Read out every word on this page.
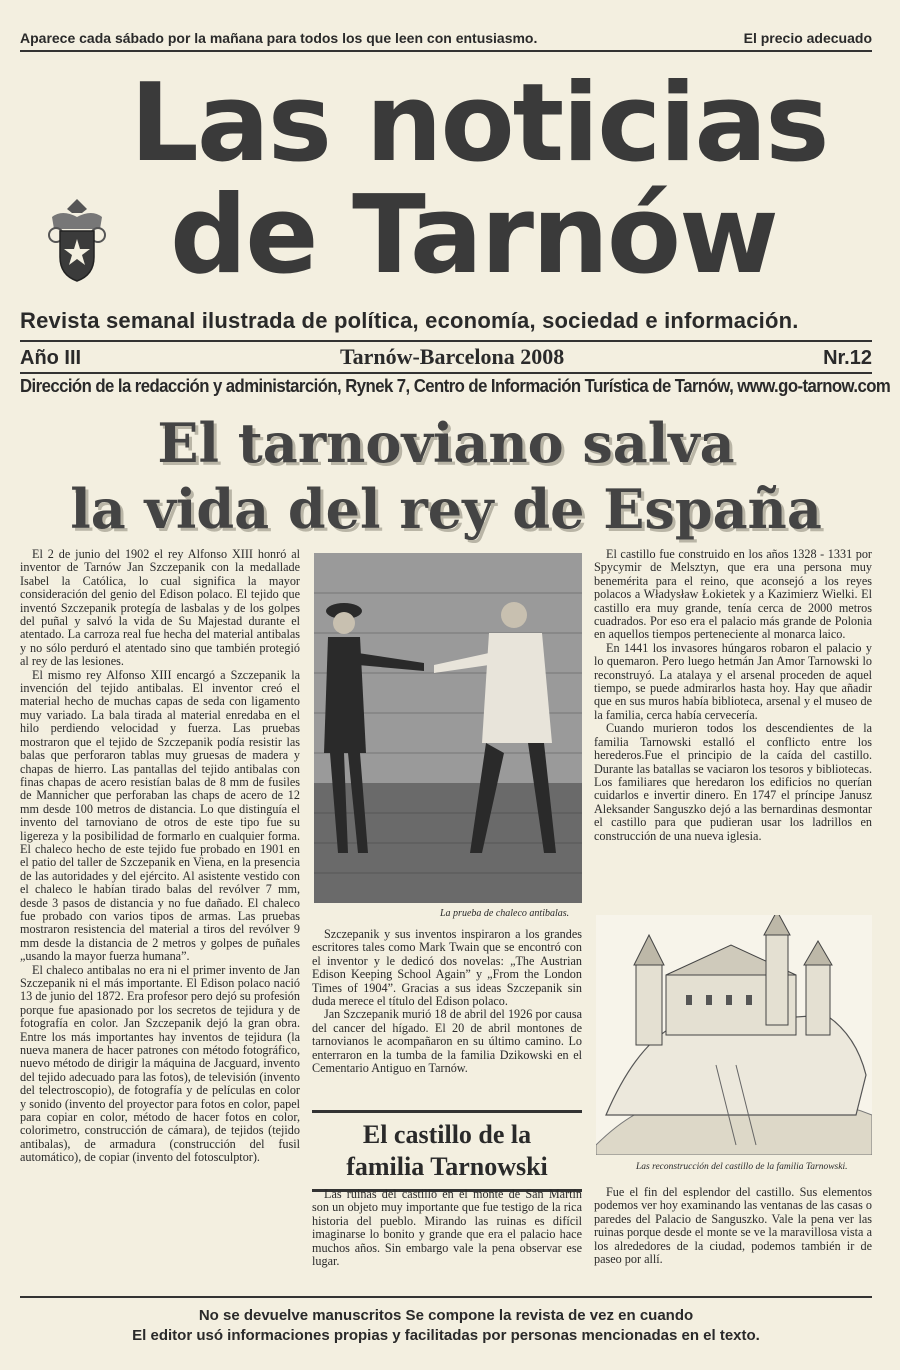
Aparece cada sábado por la mañana para todos los que leen con entusiasmo.	El precio adecuado
Las noticias
de Tarnów
Revista semanal ilustrada de política, economía, sociedad e información.
Año III	Tarnów-Barcelona 2008	Nr.12
Dirección de la redacción y administarción, Rynek 7, Centro de Información Turística de Tarnów, www.go-tarnow.com
El tarnoviano salva
la vida del rey de España

El 2 de junio del 1902 el rey Alfonso XIII honró al inventor de Tarnów Jan Szczepanik con la medallade Isabel la Católica, lo cual significa la mayor consideración del genio del Edison polaco. El tejido que inventó Szczepanik protegía de lasbalas y de los golpes del puñal y salvó la vida de Su Majestad durante el atentado. La carroza real fue hecha del material antibalas y no sólo perduró el atentado sino que también protegió al rey de las lesiones.

El mismo rey Alfonso XIII encargó a Szczepanik la invención del tejido antibalas. El inventor creó el material hecho de muchas capas de seda con ligamento muy variado. La bala tirada al material enredaba en el hilo perdiendo velocidad y fuerza. Las pruebas mostraron que el tejido de Szczepanik podía resistir las balas que perforaron tablas muy gruesas de madera y chapas de hierro. Las pantallas del tejido antibalas con finas chapas de acero resistían balas de 8 mm de fusiles de Mannicher que perforaban las chaps de acero de 12 mm desde 100 metros de distancia. Lo que distinguía el invento del tarnoviano de otros de este tipo fue su ligereza y la posibilidad de formarlo en cualquier forma. El chaleco hecho de este tejido fue probado en 1901 en el patio del taller de Szczepanik en Viena, en la presencia de las autoridades y del ejército. Al asistente vestido con el chaleco le habían tirado balas del revólver 7 mm, desde 3 pasos de distancia y no fue dañado. El chaleco fue probado con varios tipos de armas. Las pruebas mostraron resistencia del material a tiros del revólver 9 mm desde la distancia de 2 metros y golpes de puñales „usando la mayor fuerza humana”.

El chaleco antibalas no era ni el primer invento de Jan Szczepanik ni el más importante. El Edison polaco nació 13 de junio del 1872. Era profesor pero dejó su profesión porque fue apasionado por los secretos de tejidura y de fotografía en color. Jan Szczepanik dejó la gran obra. Entre los más importantes hay inventos de tejidura (la nueva manera de hacer patrones con método fotográfico, nuevo método de dirigir la máquina de Jacguard, invento del tejido adecuado para las fotos), de televisión (invento del telectroscopio), de fotografía y de películas en color y sonido (invento del proyector para fotos en color, papel para copiar en color, método de hacer fotos en color, colorimetro, construcción de cámara), de tejidos (tejido antibalas), de armadura (construcción del fusil automático), de copiar (invento del fotosculptor).

La prueba de chaleco antibalas.

Szczepanik y sus inventos inspiraron a los grandes escritores tales como Mark Twain que se encontró con el inventor y le dedicó dos novelas: „The Austrian Edison Keeping School Again” y „From the London Times of 1904”. Gracias a sus ideas Szczepanik sin duda merece el título del Edison polaco.

Jan Szczepanik murió 18 de abril del 1926 por causa del cancer del hígado. El 20 de abril montones de tarnovianos le acompañaron en su último camino. Lo enterraron en la tumba de la familia Dzikowski en el Cementario Antiguo en Tarnów.

El castillo de la
familia Tarnowski

Las ruinas del castillo en el monte de San Martín son un objeto muy importante que fue testigo de la rica historia del pueblo. Mirando las ruinas es difícil imaginarse lo bonito y grande que era el palacio hace muchos años. Sin embargo vale la pena observar ese lugar.

El castillo fue construido en los años 1328 - 1331 por Spycymir de Melsztyn, que era una persona muy benemérita para el reino, que aconsejó a los reyes polacos a Władysław Łokietek y a Kazimierz Wielki. El castillo era muy grande, tenía cerca de 2000 metros cuadrados. Por eso era el palacio más grande de Polonia en aquellos tiempos perteneciente al monarca laico.

En 1441 los invasores húngaros robaron el palacio y lo quemaron. Pero luego hetmán Jan Amor Tarnowski lo reconstruyó. La atalaya y el arsenal proceden de aquel tiempo, se puede admirarlos hasta hoy. Hay que añadir que en sus muros había biblioteca, arsenal y el museo de la familia, cerca había cervecería.

Cuando murieron todos los descendientes de la familia Tarnowski estalló el conflicto entre los herederos.Fue el principio de la caída del castillo. Durante las batallas se vaciaron los tesoros y bibliotecas. Los familiares que heredaron los edificios no querían cuidarlos e invertir dinero. En 1747 el príncipe Janusz Aleksander Sanguszko dejó a las bernardinas desmontar el castillo para que pudieran usar los ladrillos en construcción de una nueva iglesia.

Las reconstrucción del castillo de la familia Tarnowski.

Fue el fin del esplendor del castillo. Sus elementos podemos ver hoy examinando las ventanas de las casas o paredes del Palacio de Sanguszko. Vale la pena ver las ruinas porque desde el monte se ve la maravillosa vista a los alrededores de la ciudad, podemos también ir de paseo por allí.

No se devuelve manuscritos Se compone la revista de vez en cuando
El editor usó informaciones propias y facilitadas por personas mencionadas en el texto.
